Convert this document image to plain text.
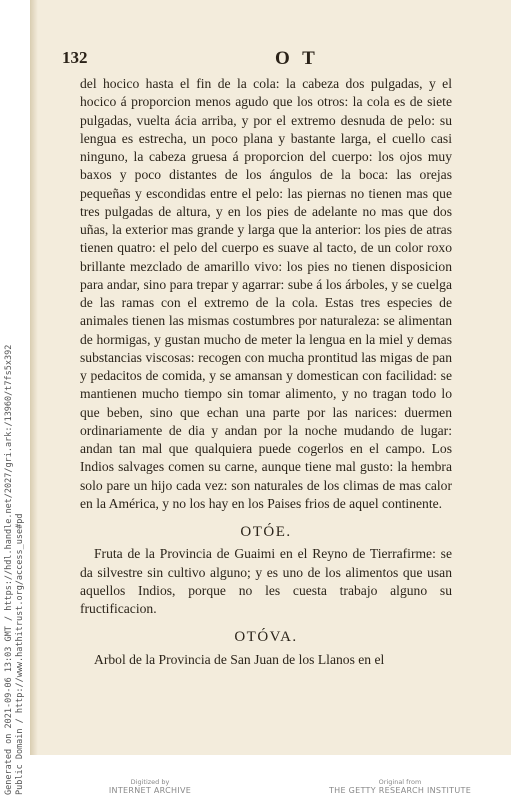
Generated on 2021-09-06 13:03 GMT / https://hdl.handle.net/2027/gri.ark:/13960/t7fs5x392 Public Domain / http://www.hathitrust.org/access_use#pd
132	O T

del hocico hasta el fin de la cola: la cabeza dos pulgadas, y el hocico á proporcion menos agudo que los otros: la cola es de siete pulgadas, vuelta ácia arriba, y por el extremo desnuda de pelo: su lengua es estrecha, un poco plana y bastante larga, el cuello casi ninguno, la cabeza gruesa á proporcion del cuerpo: los ojos muy baxos y poco distantes de los ángulos de la boca: las orejas pequeñas y escondidas entre el pelo: las piernas no tienen mas que tres pulgadas de altura, y en los pies de adelante no mas que dos uñas, la exterior mas grande y larga que la anterior: los pies de atras tienen quatro: el pelo del cuerpo es suave al tacto, de un color roxo brillante mezclado de amarillo vivo: los pies no tienen disposicion para andar, sino para trepar y agarrar: sube á los árboles, y se cuelga de las ramas con el extremo de la cola. Estas tres especies de animales tienen las mismas costumbres por naturaleza: se alimentan de hormigas, y gustan mucho de meter la lengua en la miel y demas substancias viscosas: recogen con mucha prontitud las migas de pan y pedacitos de comida, y se amansan y domestican con facilidad: se mantienen mucho tiempo sin tomar alimento, y no tragan todo lo que beben, sino que echan una parte por las narices: duermen ordinariamente de dia y andan por la noche mudando de lugar: andan tan mal que qualquiera puede cogerlos en el campo. Los Indios salvages comen su carne, aunque tiene mal gusto: la hembra solo pare un hijo cada vez: son naturales de los climas de mas calor en la América, y no los hay en los Paises frios de aquel continente.

OTÓE.

Fruta de la Provincia de Guaimi en el Reyno de Tierrafirme: se da silvestre sin cultivo alguno; y es uno de los alimentos que usan aquellos Indios, porque no les cuesta trabajo alguno su fructificacion.

OTÓVA.

Arbol de la Provincia de San Juan de los Llanos en el

Digitized by
INTERNET ARCHIVE
Original from
THE GETTY RESEARCH INSTITUTE
